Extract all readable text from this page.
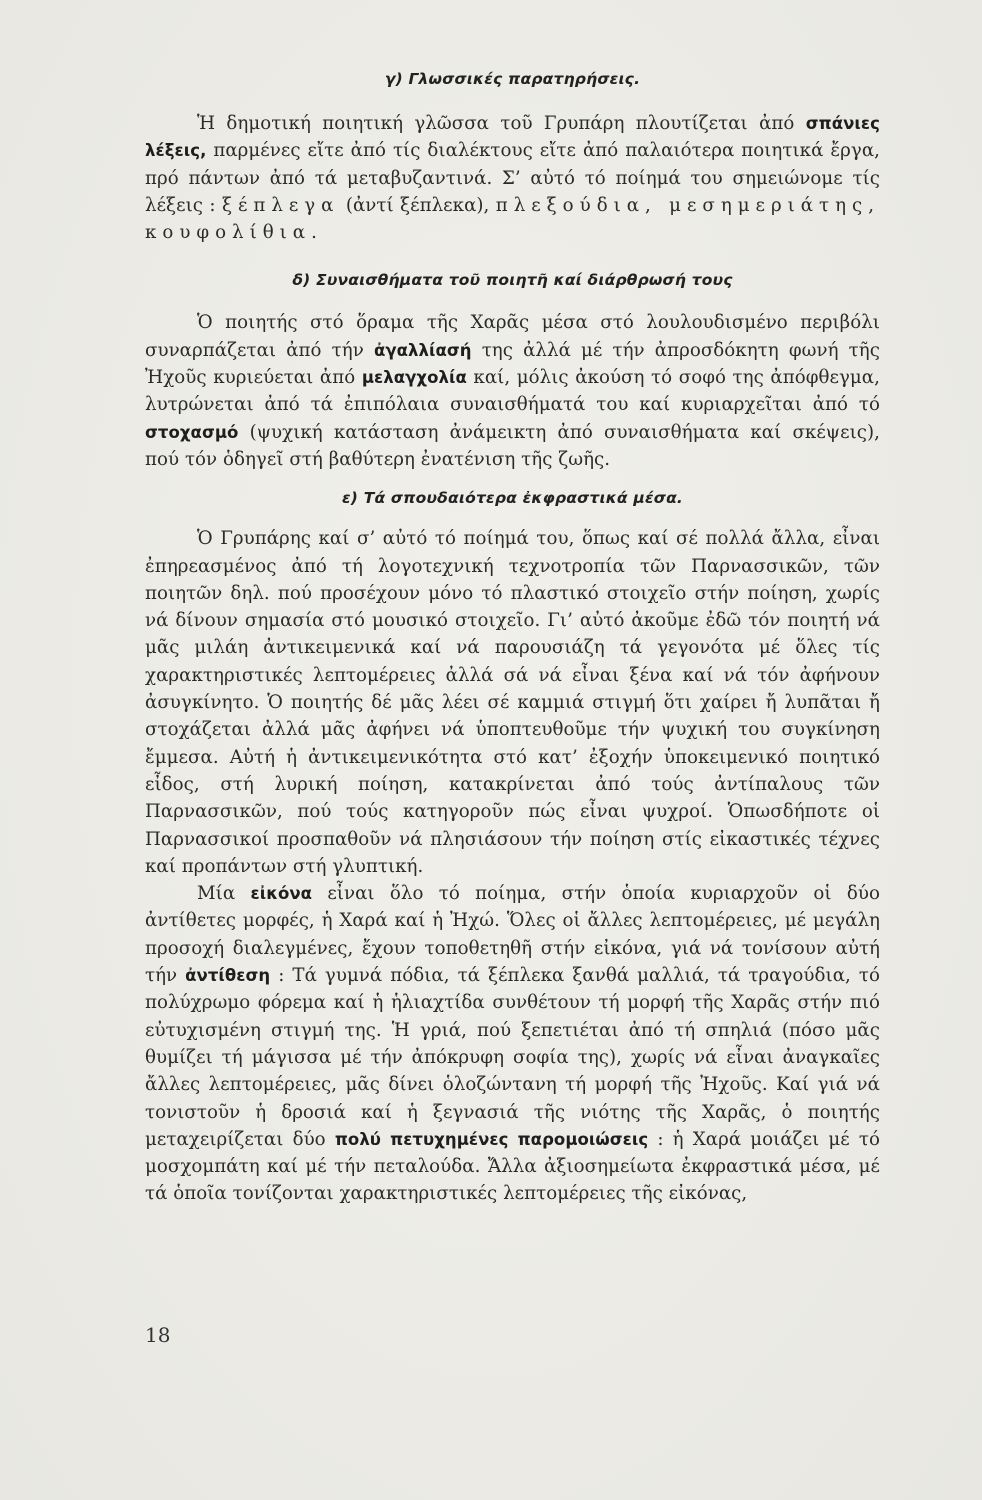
γ) Γλωσσικές παρατηρήσεις.

Ἡ δημοτική ποιητική γλῶσσα τοῦ Γρυπάρη πλουτίζεται ἀπό σπάνιες λέξεις, παρμένες εἴτε ἀπό τίς διαλέκτους εἴτε ἀπό παλαιότερα ποιητικά ἔργα, πρό πάντων ἀπό τά μεταβυζαντινά. Σ’ αὐτό τό ποίημά του σημειώνομε τίς λέξεις : ξέπλεγα (ἀντί ξέπλεκα), πλεξούδια, μεσημεριάτης, κουφολίθια.

δ) Συναισθήματα τοῦ ποιητῆ καί διάρθρωσή τους

Ὁ ποιητής στό ὅραμα τῆς Χαρᾶς μέσα στό λουλουδισμένο περιβόλι συναρπάζεται ἀπό τήν ἀγαλλίασή της ἀλλά μέ τήν ἀπροσδόκητη φωνή τῆς Ἠχοῦς κυριεύεται ἀπό μελαγχολία καί, μόλις ἀκούση τό σοφό της ἀπόφθεγμα, λυτρώνεται ἀπό τά ἐπιπόλαια συναισθήματά του καί κυριαρχεῖται ἀπό τό στοχασμό (ψυχική κατάσταση ἀνάμεικτη ἀπό συναισθήματα καί σκέψεις), πού τόν ὁδηγεῖ στή βαθύτερη ἐνατένιση τῆς ζωῆς.

ε) Τά σπουδαιότερα ἐκφραστικά μέσα.

Ὁ Γρυπάρης καί σ’ αὐτό τό ποίημά του, ὅπως καί σέ πολλά ἄλλα, εἶναι ἐπηρεασμένος ἀπό τή λογοτεχνική τεχνοτροπία τῶν Παρνασσικῶν, τῶν ποιητῶν δηλ. πού προσέχουν μόνο τό πλαστικό στοιχεῖο στήν ποίηση, χωρίς νά δίνουν σημασία στό μουσικό στοιχεῖο. Γι’ αὐτό ἀκοῦμε ἐδῶ τόν ποιητή νά μᾶς μιλάη ἀντικειμενικά καί νά παρουσιάζη τά γεγονότα μέ ὅλες τίς χαρακτηριστικές λεπτομέρειες ἀλλά σά νά εἶναι ξένα καί νά τόν ἀφήνουν ἀσυγκίνητο. Ὁ ποιητής δέ μᾶς λέει σέ καμμιά στιγμή ὅτι χαίρει ἤ λυπᾶται ἤ στοχάζεται ἀλλά μᾶς ἀφήνει νά ὑποπτευθοῦμε τήν ψυχική του συγκίνηση ἔμμεσα. Αὐτή ἡ ἀντικειμενικότητα στό κατ’ ἐξοχήν ὑποκειμενικό ποιητικό εἶδος, στή λυρική ποίηση, κατακρίνεται ἀπό τούς ἀντίπαλους τῶν Παρνασσικῶν, πού τούς κατηγοροῦν πώς εἶναι ψυχροί. Ὁπωσδήποτε οἱ Παρνασσικοί προσπαθοῦν νά πλησιάσουν τήν ποίηση στίς εἰκαστικές τέχνες καί προπάντων στή γλυπτική.

Μία εἰκόνα εἶναι ὅλο τό ποίημα, στήν ὁποία κυριαρχοῦν οἱ δύο ἀντίθετες μορφές, ἡ Χαρά καί ἡ Ἠχώ. Ὅλες οἱ ἄλλες λεπτομέρειες, μέ μεγάλη προσοχή διαλεγμένες, ἔχουν τοποθετηθῆ στήν εἰκόνα, γιά νά τονίσουν αὐτή τήν ἀντίθεση : Τά γυμνά πόδια, τά ξέπλεκα ξανθά μαλλιά, τά τραγούδια, τό πολύχρωμο φόρεμα καί ἡ ἡλιαχτίδα συνθέτουν τή μορφή τῆς Χαρᾶς στήν πιό εὐτυχισμένη στιγμή της. Ἡ γριά, πού ξεπετιέται ἀπό τή σπηλιά (πόσο μᾶς θυμίζει τή μάγισσα μέ τήν ἀπόκρυφη σοφία της), χωρίς νά εἶναι ἀναγκαῖες ἄλλες λεπτομέρειες, μᾶς δίνει ὁλοζώντανη τή μορφή τῆς Ἠχοῦς. Καί γιά νά τονιστοῦν ἡ δροσιά καί ἡ ξεγνασιά τῆς νιότης τῆς Χαρᾶς, ὁ ποιητής μεταχειρίζεται δύο πολύ πετυχημένες παρομοιώσεις : ἡ Χαρά μοιάζει μέ τό μοσχομπάτη καί μέ τήν πεταλούδα. Ἄλλα ἀξιοσημείωτα ἐκφραστικά μέσα, μέ τά ὁποῖα τονίζονται χαρακτηριστικές λεπτομέρειες τῆς εἰκόνας,

18
